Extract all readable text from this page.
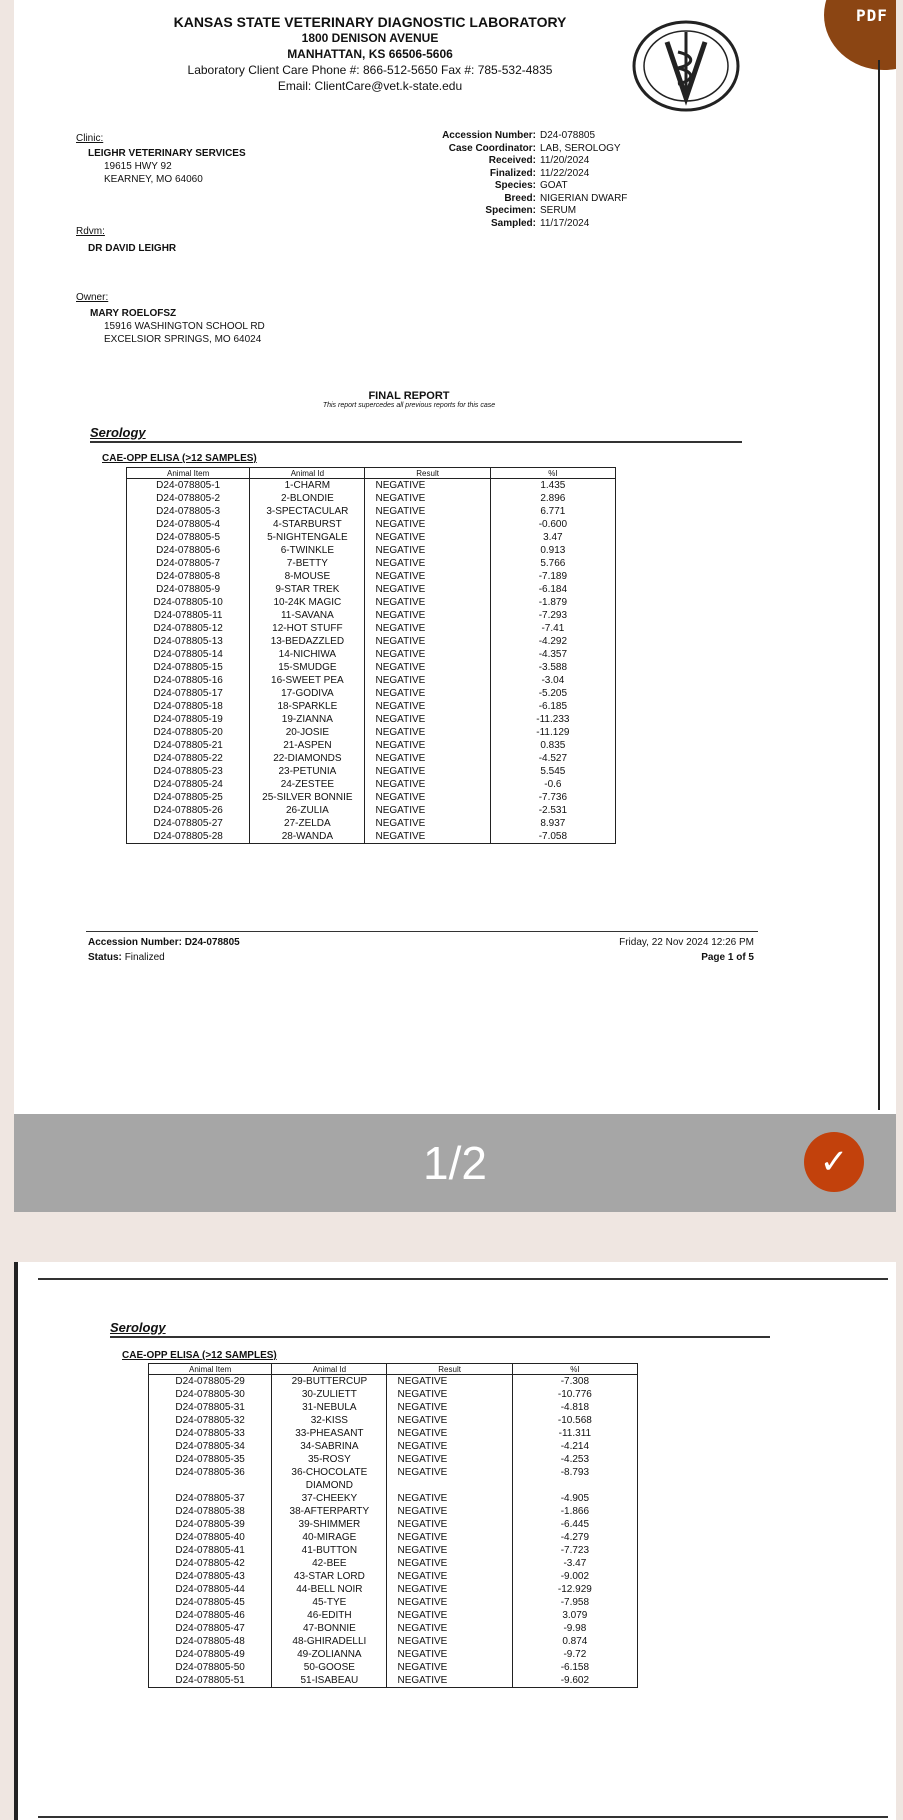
KANSAS STATE VETERINARY DIAGNOSTIC LABORATORY
1800 DENISON AVENUE
MANHATTAN, KS 66506-5606
Laboratory Client Care Phone #: 866-512-5650 Fax #: 785-532-4835
Email: ClientCare@vet.k-state.edu
PDF
Clinic:
LEIGHR VETERINARY SERVICES
19615 HWY 92
KEARNEY, MO 64060
Rdvm:
DR DAVID LEIGHR
Owner:
MARY ROELOFSZ
15916 WASHINGTON SCHOOL RD
EXCELSIOR SPRINGS, MO 64024
Accession Number: D24-078805
Case Coordinator: LAB, SEROLOGY
Received: 11/20/2024
Finalized: 11/22/2024
Species: GOAT
Breed: NIGERIAN DWARF
Specimen: SERUM
Sampled: 11/17/2024
FINAL REPORT
This report supercedes all previous reports for this case
Serology
CAE-OPP ELISA (>12 SAMPLES)
Animal Item	Animal Id	Result	%I
D24-078805-1	1-CHARM	NEGATIVE	1.435
D24-078805-2	2-BLONDIE	NEGATIVE	2.896
D24-078805-3	3-SPECTACULAR	NEGATIVE	6.771
D24-078805-4	4-STARBURST	NEGATIVE	-0.600
D24-078805-5	5-NIGHTENGALE	NEGATIVE	3.47
D24-078805-6	6-TWINKLE	NEGATIVE	0.913
D24-078805-7	7-BETTY	NEGATIVE	5.766
D24-078805-8	8-MOUSE	NEGATIVE	-7.189
D24-078805-9	9-STAR TREK	NEGATIVE	-6.184
D24-078805-10	10-24K MAGIC	NEGATIVE	-1.879
D24-078805-11	11-SAVANA	NEGATIVE	-7.293
D24-078805-12	12-HOT STUFF	NEGATIVE	-7.41
D24-078805-13	13-BEDAZZLED	NEGATIVE	-4.292
D24-078805-14	14-NICHIWA	NEGATIVE	-4.357
D24-078805-15	15-SMUDGE	NEGATIVE	-3.588
D24-078805-16	16-SWEET PEA	NEGATIVE	-3.04
D24-078805-17	17-GODIVA	NEGATIVE	-5.205
D24-078805-18	18-SPARKLE	NEGATIVE	-6.185
D24-078805-19	19-ZIANNA	NEGATIVE	-11.233
D24-078805-20	20-JOSIE	NEGATIVE	-11.129
D24-078805-21	21-ASPEN	NEGATIVE	0.835
D24-078805-22	22-DIAMONDS	NEGATIVE	-4.527
D24-078805-23	23-PETUNIA	NEGATIVE	5.545
D24-078805-24	24-ZESTEE	NEGATIVE	-0.6
D24-078805-25	25-SILVER BONNIE	NEGATIVE	-7.736
D24-078805-26	26-ZULIA	NEGATIVE	-2.531
D24-078805-27	27-ZELDA	NEGATIVE	8.937
D24-078805-28	28-WANDA	NEGATIVE	-7.058
Accession Number: D24-078805
Status: Finalized
Friday, 22 Nov 2024 12:26 PM
Page 1 of 5
1/2	✓
Serology
CAE-OPP ELISA (>12 SAMPLES)
Animal Item	Animal Id	Result	%I
D24-078805-29	29-BUTTERCUP	NEGATIVE	-7.308
D24-078805-30	30-ZULIETT	NEGATIVE	-10.776
D24-078805-31	31-NEBULA	NEGATIVE	-4.818
D24-078805-32	32-KISS	NEGATIVE	-10.568
D24-078805-33	33-PHEASANT	NEGATIVE	-11.311
D24-078805-34	34-SABRINA	NEGATIVE	-4.214
D24-078805-35	35-ROSY	NEGATIVE	-4.253
D24-078805-36	36-CHOCOLATE DIAMOND	NEGATIVE	-8.793
D24-078805-37	37-CHEEKY	NEGATIVE	-4.905
D24-078805-38	38-AFTERPARTY	NEGATIVE	-1.866
D24-078805-39	39-SHIMMER	NEGATIVE	-6.445
D24-078805-40	40-MIRAGE	NEGATIVE	-4.279
D24-078805-41	41-BUTTON	NEGATIVE	-7.723
D24-078805-42	42-BEE	NEGATIVE	-3.47
D24-078805-43	43-STAR LORD	NEGATIVE	-9.002
D24-078805-44	44-BELL NOIR	NEGATIVE	-12.929
D24-078805-45	45-TYE	NEGATIVE	-7.958
D24-078805-46	46-EDITH	NEGATIVE	3.079
D24-078805-47	47-BONNIE	NEGATIVE	-9.98
D24-078805-48	48-GHIRADELLI	NEGATIVE	0.874
D24-078805-49	49-ZOLIANNA	NEGATIVE	-9.72
D24-078805-50	50-GOOSE	NEGATIVE	-6.158
D24-078805-51	51-ISABEAU	NEGATIVE	-9.602
